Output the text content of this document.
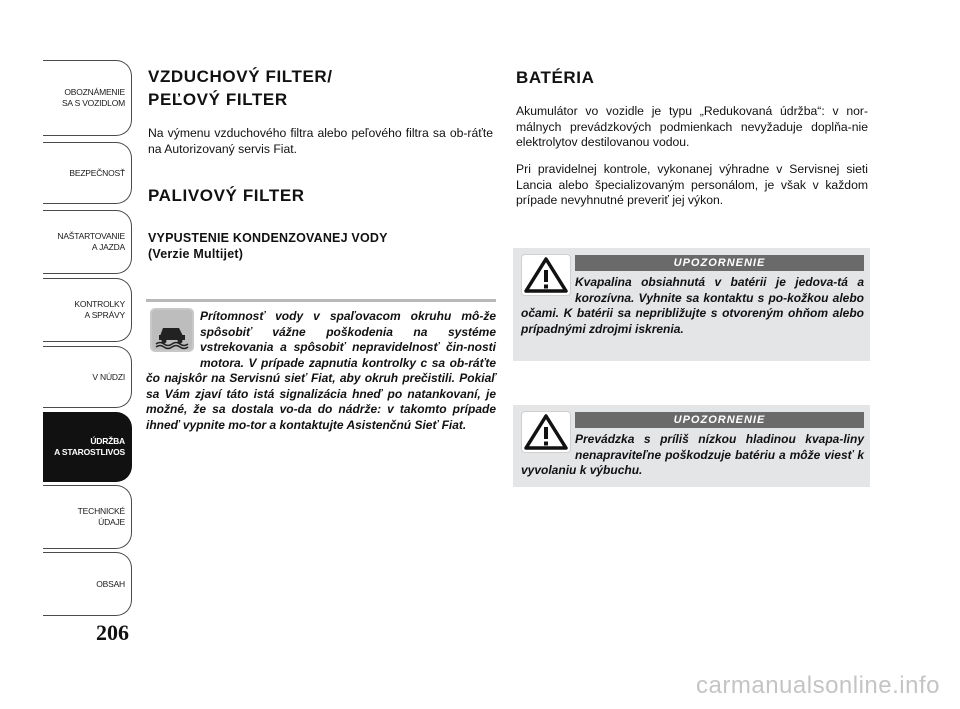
OBOZNÁMENIE
SA S VOZIDLOM
BEZPEČNOSŤ
NAŠTARTOVANIE
A JAZDA
KONTROLKY
A SPRÁVY
V NÚDZI
ÚDRŽBA
A STAROSTLIVOS
TECHNICKÉ
ÚDAJE
OBSAH
206
VZDUCHOVÝ FILTER/
PEĽOVÝ FILTER
Na výmenu vzduchového filtra alebo peľového filtra sa ob-ráťte na Autorizovaný servis Fiat.
PALIVOVÝ FILTER
VYPUSTENIE KONDENZOVANEJ VODY
(Verzie Multijet)
Prítomnosť vody v spaľovacom okruhu mô-že spôsobiť vážne poškodenia na systéme vstrekovania a spôsobiť nepravidelnosť čin-nosti motora. V prípade zapnutia kontrolky c sa ob-ráťte čo najskôr na Servisnú sieť Fiat, aby okruh prečistili. Pokiaľ sa Vám zjaví táto istá signalizácia hneď po natankovaní, je možné, že sa dostala vo-da do nádrže: v takomto prípade ihneď vypnite mo-tor a kontaktujte Asistenčnú Sieť Fiat.
BATÉRIA
Akumulátor vo vozidle je typu „Redukovaná údržba“: v nor-málnych prevádzkových podmienkach nevyžaduje doplňa-nie elektrolytov destilovanou vodou.
Pri pravidelnej kontrole, vykonanej výhradne v Servisnej sieti Lancia alebo špecializovaným personálom, je však v každom prípade nevyhnutné preveriť jej výkon.
UPOZORNENIE
Kvapalina obsiahnutá v batérii je jedova-tá a korozívna. Vyhnite sa kontaktu s po-kožkou alebo očami. K batérii sa nepribližujte s otvoreným ohňom alebo prípadnými zdrojmi iskrenia.
UPOZORNENIE
Prevádzka s príliš nízkou hladinou kvapa-liny nenapraviteľne poškodzuje batériu a môže viesť k vyvolaniu k výbuchu.
carmanualsonline.info
